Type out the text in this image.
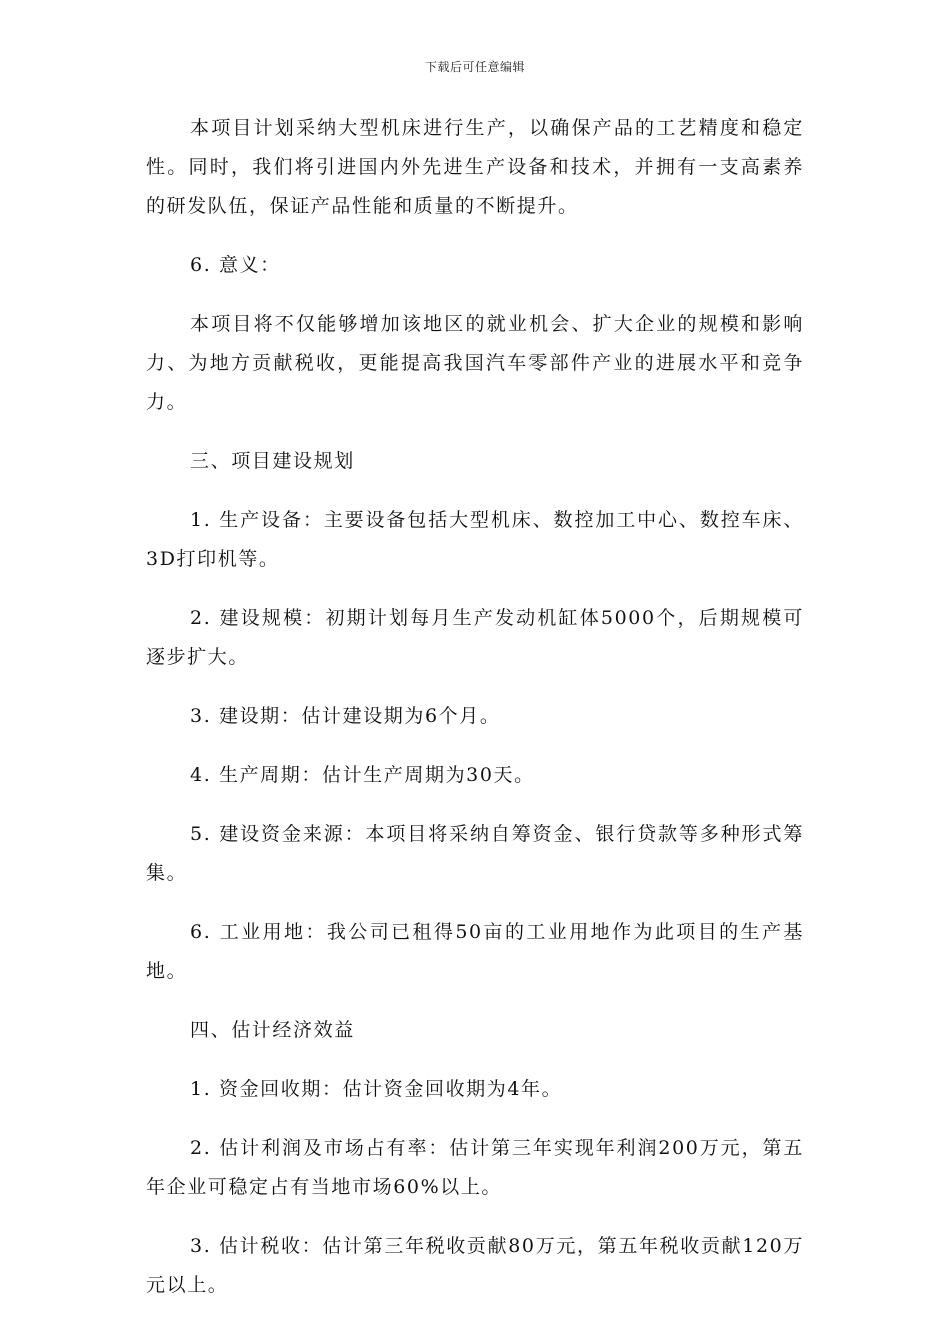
下载后可任意编辑

本项目计划采纳大型机床进行生产，以确保产品的工艺精度和稳定性。同时，我们将引进国内外先进生产设备和技术，并拥有一支高素养的研发队伍，保证产品性能和质量的不断提升。

6. 意义：

本项目将不仅能够增加该地区的就业机会、扩大企业的规模和影响力、为地方贡献税收，更能提高我国汽车零部件产业的进展水平和竞争力。

三、项目建设规划

1. 生产设备：主要设备包括大型机床、数控加工中心、数控车床、3D打印机等。

2. 建设规模：初期计划每月生产发动机缸体5000个，后期规模可逐步扩大。

3. 建设期：估计建设期为6个月。

4. 生产周期：估计生产周期为30天。

5. 建设资金来源：本项目将采纳自筹资金、银行贷款等多种形式筹集。

6. 工业用地：我公司已租得50亩的工业用地作为此项目的生产基地。

四、估计经济效益

1. 资金回收期：估计资金回收期为4年。

2. 估计利润及市场占有率：估计第三年实现年利润200万元，第五年企业可稳定占有当地市场60%以上。

3. 估计税收：估计第三年税收贡献80万元，第五年税收贡献120万元以上。
